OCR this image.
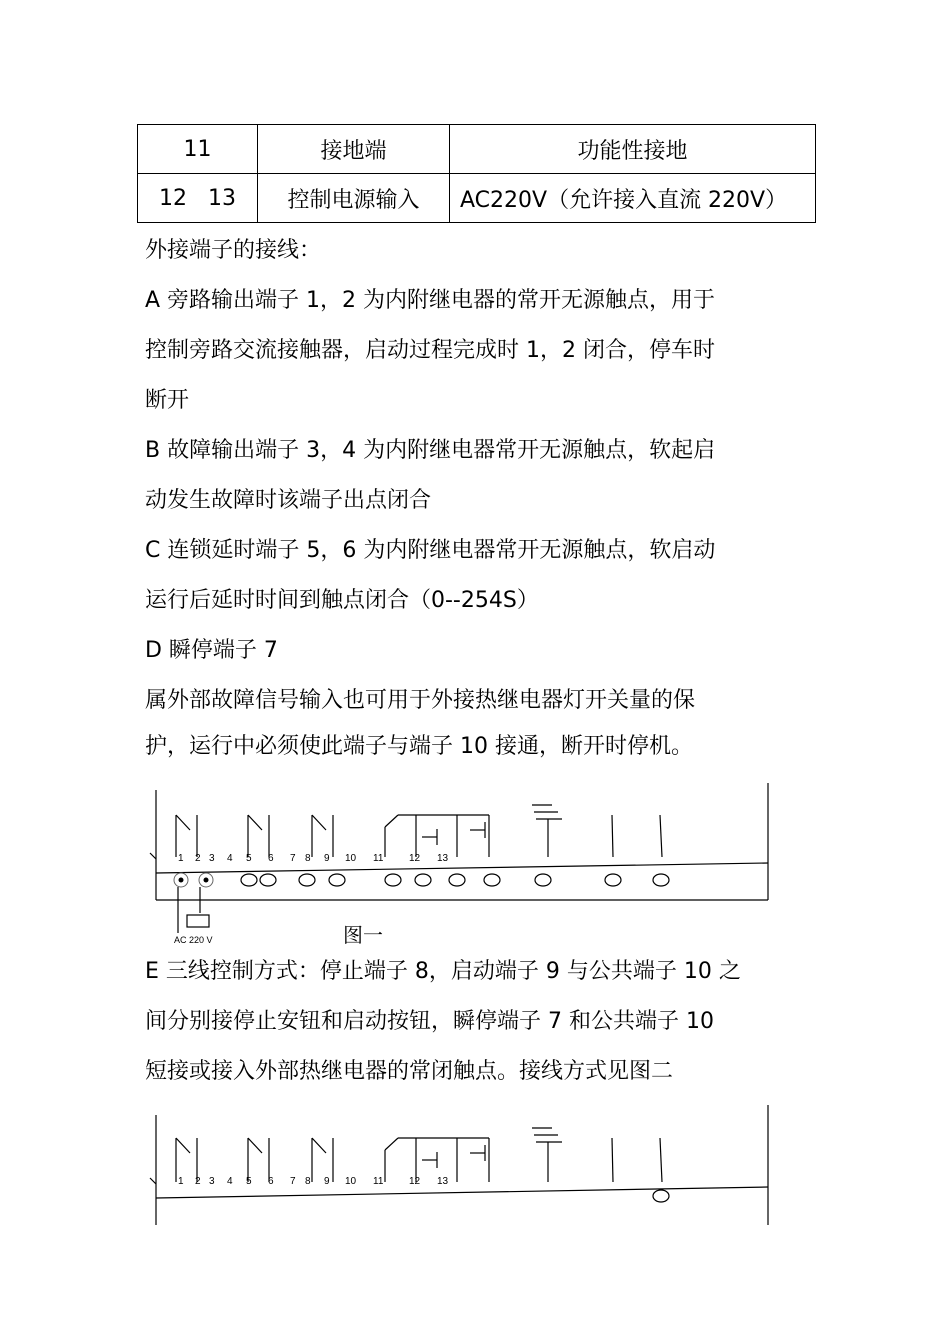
11	接地端	功能性接地
12   13	控制电源输入	AC220V（允许接入直流 220V）

外接端子的接线：

A 旁路输出端子 1，2 为内附继电器的常开无源触点，用于

控制旁路交流接触器，启动过程完成时 1，2 闭合，停车时

断开

B 故障输出端子 3，4 为内附继电器常开无源触点，软起启

动发生故障时该端子出点闭合

C 连锁延时端子 5，6 为内附继电器常开无源触点，软启动

运行后延时时间到触点闭合（0--254S）

D 瞬停端子 7

属外部故障信号输入也可用于外接热继电器灯开关量的保

护，运行中必须使此端子与端子 10 接通，断开时停机。

1 2 3 4 5 6 7 8 9 10 11	12 13
AC 220 V	图一

E 三线控制方式：停止端子 8，启动端子 9 与公共端子 10 之

间分别接停止安钮和启动按钮，瞬停端子 7 和公共端子 10

短接或接入外部热继电器的常闭触点。接线方式见图二

1 2 3 4 5 6 7 8 9 10 11	12 13
